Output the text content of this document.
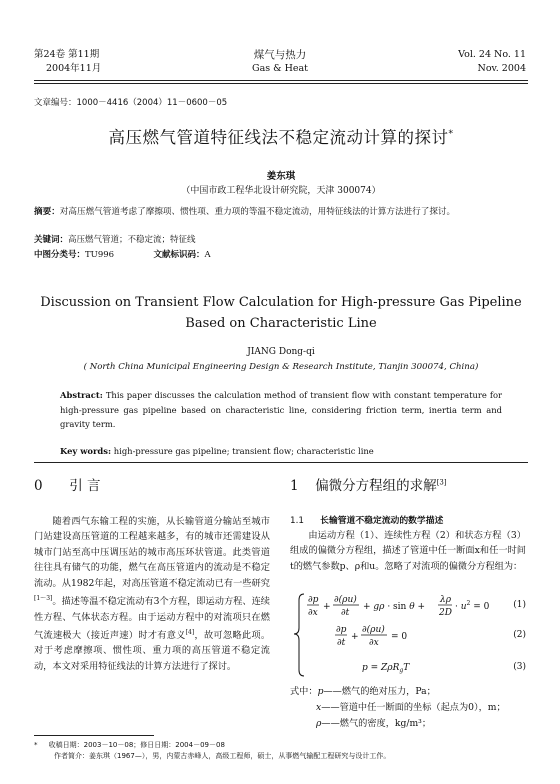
第24卷 第11期
2004年11月
煤气与热力
Gas & Heat
Vol. 24 No. 11
Nov. 2004
文章编号：1000－4416（2004）11－0600－05
高压燃气管道特征线法不稳定流动计算的探讨*
姜东琪
（中国市政工程华北设计研究院，天津 300074）
摘要：对高压燃气管道考虑了摩擦项、惯性项、重力项的等温不稳定流动，用特征线法的计算方法进行了探讨。
关键词：高压燃气管道；不稳定流；特征线
中图分类号：TU996	文献标识码：A
Discussion on Transient Flow Calculation for High-pressure Gas Pipeline
Based on Characteristic Line
JIANG Dong-qi
( North China Municipal Engineering Design & Research Institute, Tianjin 300074, China)
Abstract: This paper discusses the calculation method of transient flow with constant temperature for high-pressure gas pipeline based on characteristic line, considering friction term, inertia term and gravity term.
Key words: high-pressure gas pipeline; transient flow; characteristic line
0 引 言
随着西气东输工程的实施，从长输管道分输站至城市门站建设高压管道的工程越来越多，有的城市还需建设从城市门站至高中压调压站的城市高压环状管道。此类管道往往具有储气的功能，燃气在高压管道内的流动是不稳定流动。从1982年起，对高压管道不稳定流动已有一些研究[1～3]。描述等温不稳定流动有3个方程，即运动方程、连续性方程、气体状态方程。由于运动方程中的对流项只在燃气流速极大（接近声速）时才有意义[4]，故可忽略此项。对于考虑摩擦项、惯性项、重力项的高压管道不稳定流动，本文对采用特征线法的计算方法进行了探讨。
1 偏微分方程组的求解[3]
1.1 长输管道不稳定流动的数学描述
由运动方程（1）、连续性方程（2）和状态方程（3）组成的偏微分方程组，描述了管道中任一断面x和任一时间t的燃气参数p、ρ和u。忽略了对流项的偏微分方程组为：
∂p
∂x
+
∂(ρu)
∂t
+ gρ · sin θ +
λρ
2D
· $u^2 = 0$
∂p
∂t
+
∂(ρu)
∂x
= 0
p = ZρR$_g$T
(1)
(2)
(3)
式中：p——燃气的绝对压力，Pa；
x——管道中任一断面的坐标（起点为0），m；
ρ——燃气的密度，kg/m³；
*     收稿日期：2003－10－08；修日日期：2004－09－08
作者简介：姜东琪（1967—），男，内蒙古赤峰人，高级工程师，硕士，从事燃气输配工程研究与设计工作。
